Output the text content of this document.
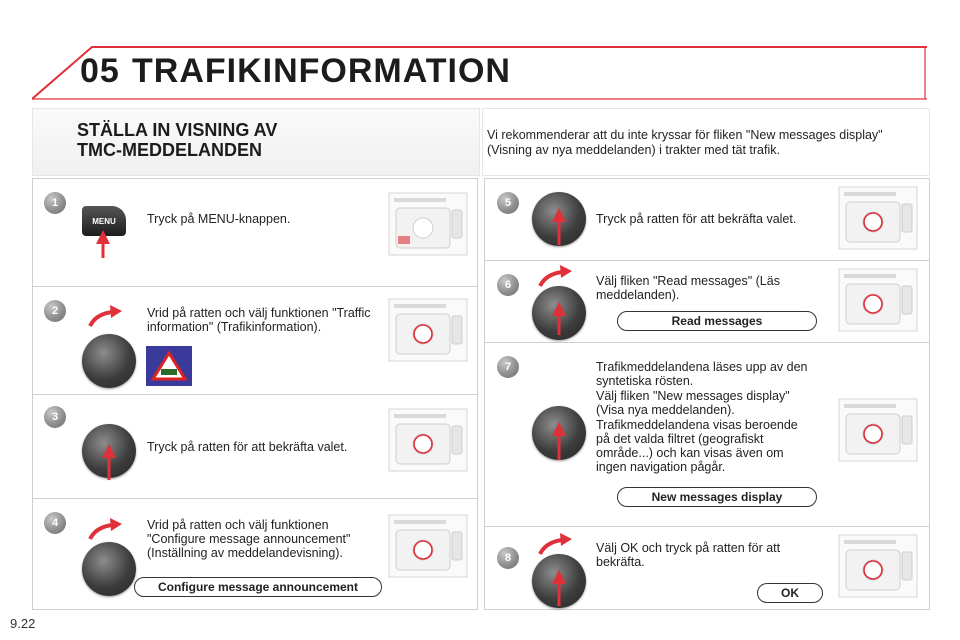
05 TRAFIKINFORMATION
STÄLLA IN VISNING AV
TMC-MEDDELANDEN
Vi rekommenderar att du inte kryssar för fliken "New messages display" (Visning av nya meddelanden) i trakter med tät trafik.
1
MENU Tryck på MENU-knappen.
2	Vrid på ratten och välj funktionen "Traffic information" (Trafikinformation).
3
Tryck på ratten för att bekräfta valet.
4	Vrid på ratten och välj funktionen "Configure message announcement" (Inställning av meddelandevisning).
Configure message announcement
5
Tryck på ratten för att bekräfta valet.
6	Välj fliken "Read messages" (Läs meddelanden).
Read messages
7	Trafikmeddelandena läses upp av den syntetiska rösten.
Välj fliken "New messages display" (Visa nya meddelanden).
Trafikmeddelandena visas beroende på det valda filtret (geografiskt område...) och kan visas även om ingen navigation pågår.
New messages display
8
Välj OK och tryck på ratten för att bekräfta.
OK
9.22
